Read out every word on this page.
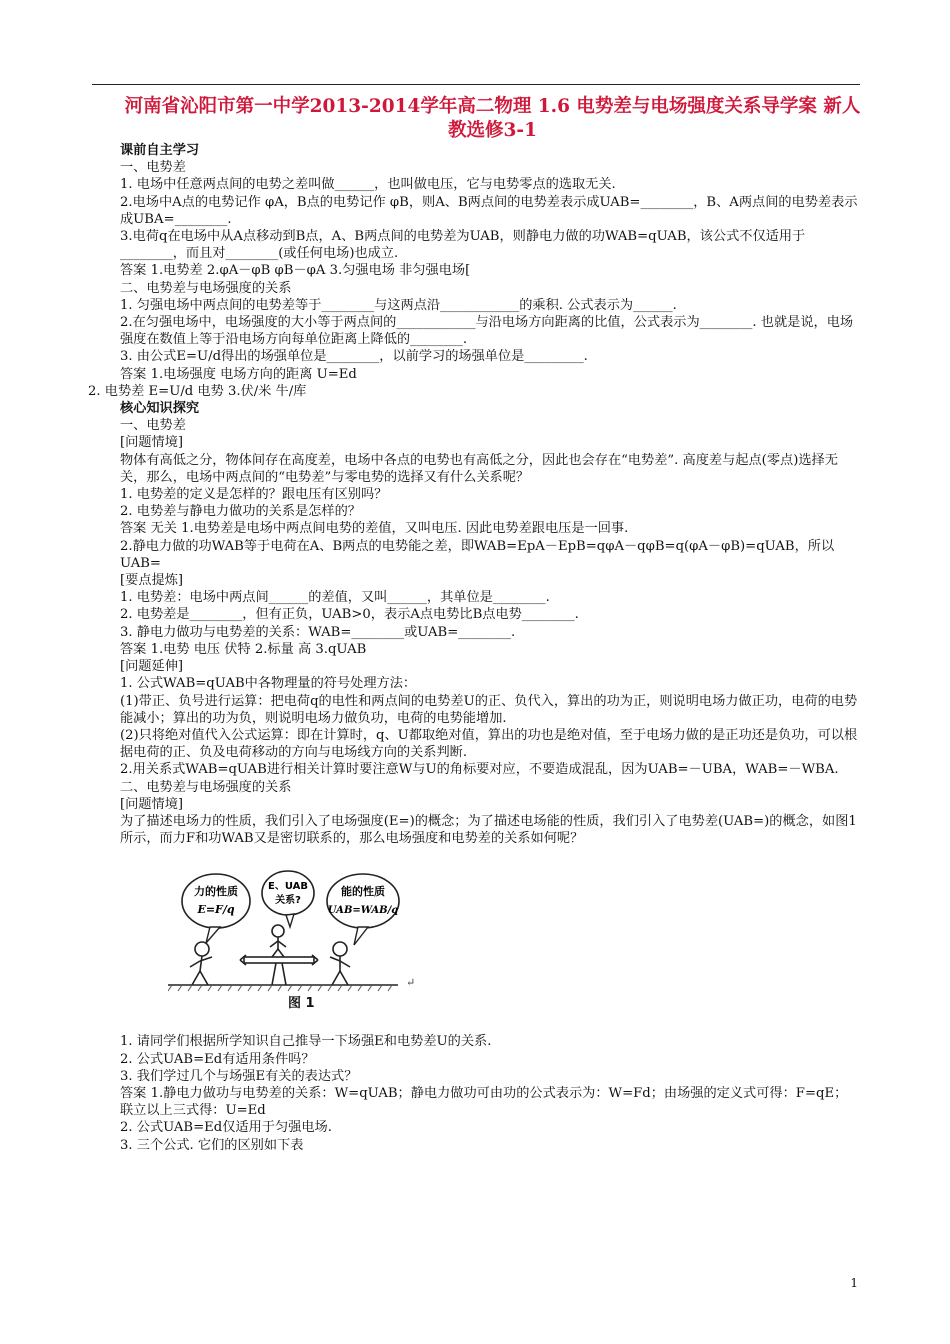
河南省沁阳市第一中学2013-2014学年高二物理 1.6 电势差与电场强度关系导学案 新人教选修3-1

课前自主学习

一、电势差

1. 电场中任意两点间的电势之差叫做______，也叫做电压，它与电势零点的选取无关.

2.电场中A点的电势记作 φA，B点的电势记作 φB，则A、B两点间的电势差表示成UAB=________，B、A两点间的电势差表示成UBA=________.

3.电荷q在电场中从A点移动到B点，A、B两点间的电势差为UAB，则静电力做的功WAB=qUAB，该公式不仅适用于________，而且对________(或任何电场)也成立.

答案 1.电势差 2.φA－φB φB－φA 3.匀强电场 非匀强电场[

二、电势差与电场强度的关系

1. 匀强电场中两点间的电势差等于________与这两点沿____________的乘积. 公式表示为______.

2.在匀强电场中，电场强度的大小等于两点间的____________与沿电场方向距离的比值，公式表示为________. 也就是说，电场强度在数值上等于沿电场方向每单位距离上降低的________.

3. 由公式E=U/d得出的场强单位是________，以前学习的场强单位是_________.

答案 1.电场强度 电场方向的距离 U=Ed

2. 电势差 E=U/d 电势 3.伏/米 牛/库

核心知识探究

一、电势差

[问题情境]

物体有高低之分，物体间存在高度差，电场中各点的电势也有高低之分，因此也会存在“电势差”. 高度差与起点(零点)选择无关，那么，电场中两点间的“电势差”与零电势的选择又有什么关系呢？

1. 电势差的定义是怎样的？跟电压有区别吗？

2. 电势差与静电力做功的关系是怎样的？

答案 无关 1.电势差是电场中两点间电势的差值，又叫电压. 因此电势差跟电压是一回事.

2.静电力做的功WAB等于电荷在A、B两点的电势能之差，即WAB=EpA－EpB=qφA－qφB=q(φA－φB)=qUAB，所以UAB=

[要点提炼]

1. 电势差：电场中两点间______的差值，又叫______，其单位是________.

2. 电势差是________，但有正负，UAB>0，表示A点电势比B点电势________.

3. 静电力做功与电势差的关系：WAB=________或UAB=________.

答案 1.电势 电压 伏特 2.标量 高 3.qUAB

[问题延伸]

1. 公式WAB=qUAB中各物理量的符号处理方法：

(1)带正、负号进行运算：把电荷q的电性和两点间的电势差U的正、负代入，算出的功为正，则说明电场力做正功，电荷的电势能减小；算出的功为负，则说明电场力做负功，电荷的电势能增加.

(2)只将绝对值代入公式运算：即在计算时，q、U都取绝对值，算出的功也是绝对值，至于电场力做的是正功还是负功，可以根据电荷的正、负及电荷移动的方向与电场线方向的关系判断.

2.用关系式WAB=qUAB进行相关计算时要注意W与U的角标要对应，不要造成混乱，因为UAB=－UBA，WAB=－WBA.

二、电势差与电场强度的关系

[问题情境]

为了描述电场力的性质，我们引入了电场强度(E=)的概念；为了描述电场能的性质，我们引入了电势差(UAB=)的概念，如图1所示，而力F和功WAB又是密切联系的，那么电场强度和电势差的关系如何呢？

力的性质
E=F/q
E、UAB
关系?
能的性质
UAB=WAB/q
↵
图 1

1. 请同学们根据所学知识自己推导一下场强E和电势差U的关系.

2. 公式UAB=Ed有适用条件吗？

3. 我们学过几个与场强E有关的表达式？

答案 1.静电力做功与电势差的关系：W=qUAB；静电力做功可由功的公式表示为：W=Fd；由场强的定义式可得：F=qE；联立以上三式得：U=Ed

2. 公式UAB=Ed仅适用于匀强电场.

3. 三个公式. 它们的区别如下表

1
